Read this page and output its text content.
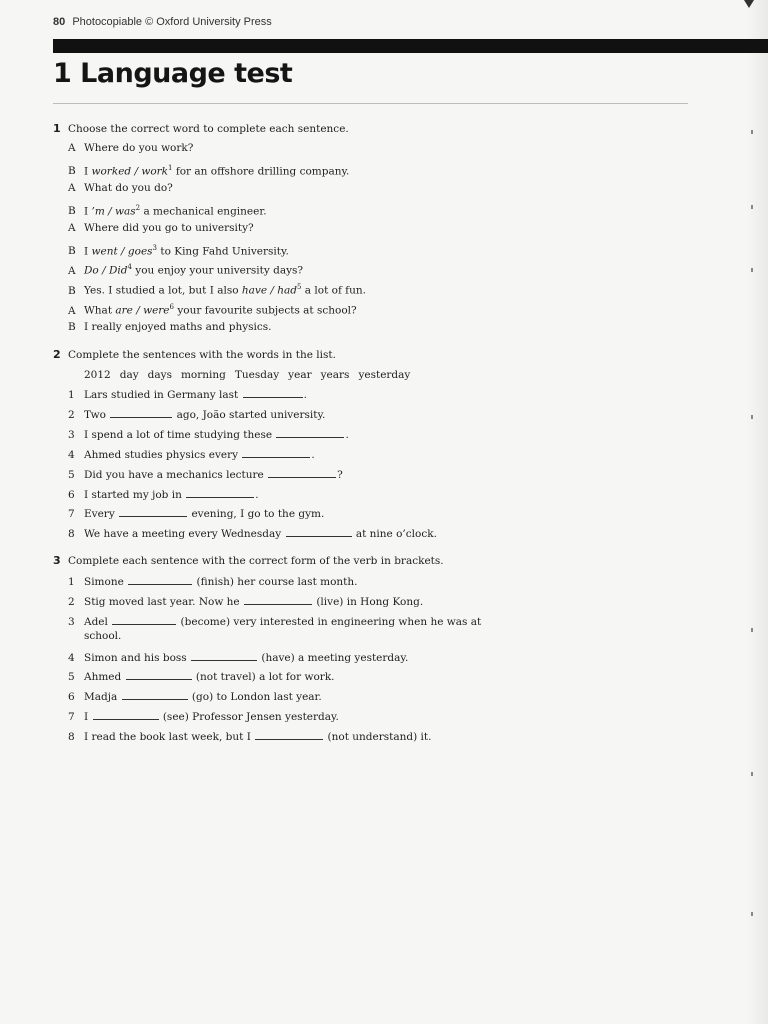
80 Photocopiable © Oxford University Press
1 Language test
1 Choose the correct word to complete each sentence.
A Where do you work?
B I worked / work$^1$ for an offshore drilling company.
A What do you do?
B I ’m / was$^2$ a mechanical engineer.
A Where did you go to university?
B I went / goes$^3$ to King Fahd University.
A Do / Did$^4$ you enjoy your university days?
B Yes. I studied a lot, but I also have / had$^5$ a lot of fun.
A What are / were$^6$ your favourite subjects at school?
B I really enjoyed maths and physics.
2 Complete the sentences with the words in the list.
2012 day days morning Tuesday year years yesterday
1 Lars studied in Germany last	.
2 Two	ago, João started university.
3 I spend a lot of time studying these	.
4 Ahmed studies physics every	.
5 Did you have a mechanics lecture	?
6 I started my job in	.
7 Every	evening, I go to the gym.
8 We have a meeting every Wednesday	at nine o’clock.
3 Complete each sentence with the correct form of the verb in brackets.
1 Simone	(finish) her course last month.
2 Stig moved last year. Now he	(live) in Hong Kong.
3 Adel	(become) very interested in engineering when he was at
school.
4 Simon and his boss	(have) a meeting yesterday.
5 Ahmed	(not travel) a lot for work.
6 Madja	(go) to London last year.
7 I	(see) Professor Jensen yesterday.
8 I read the book last week, but I	(not understand) it.
